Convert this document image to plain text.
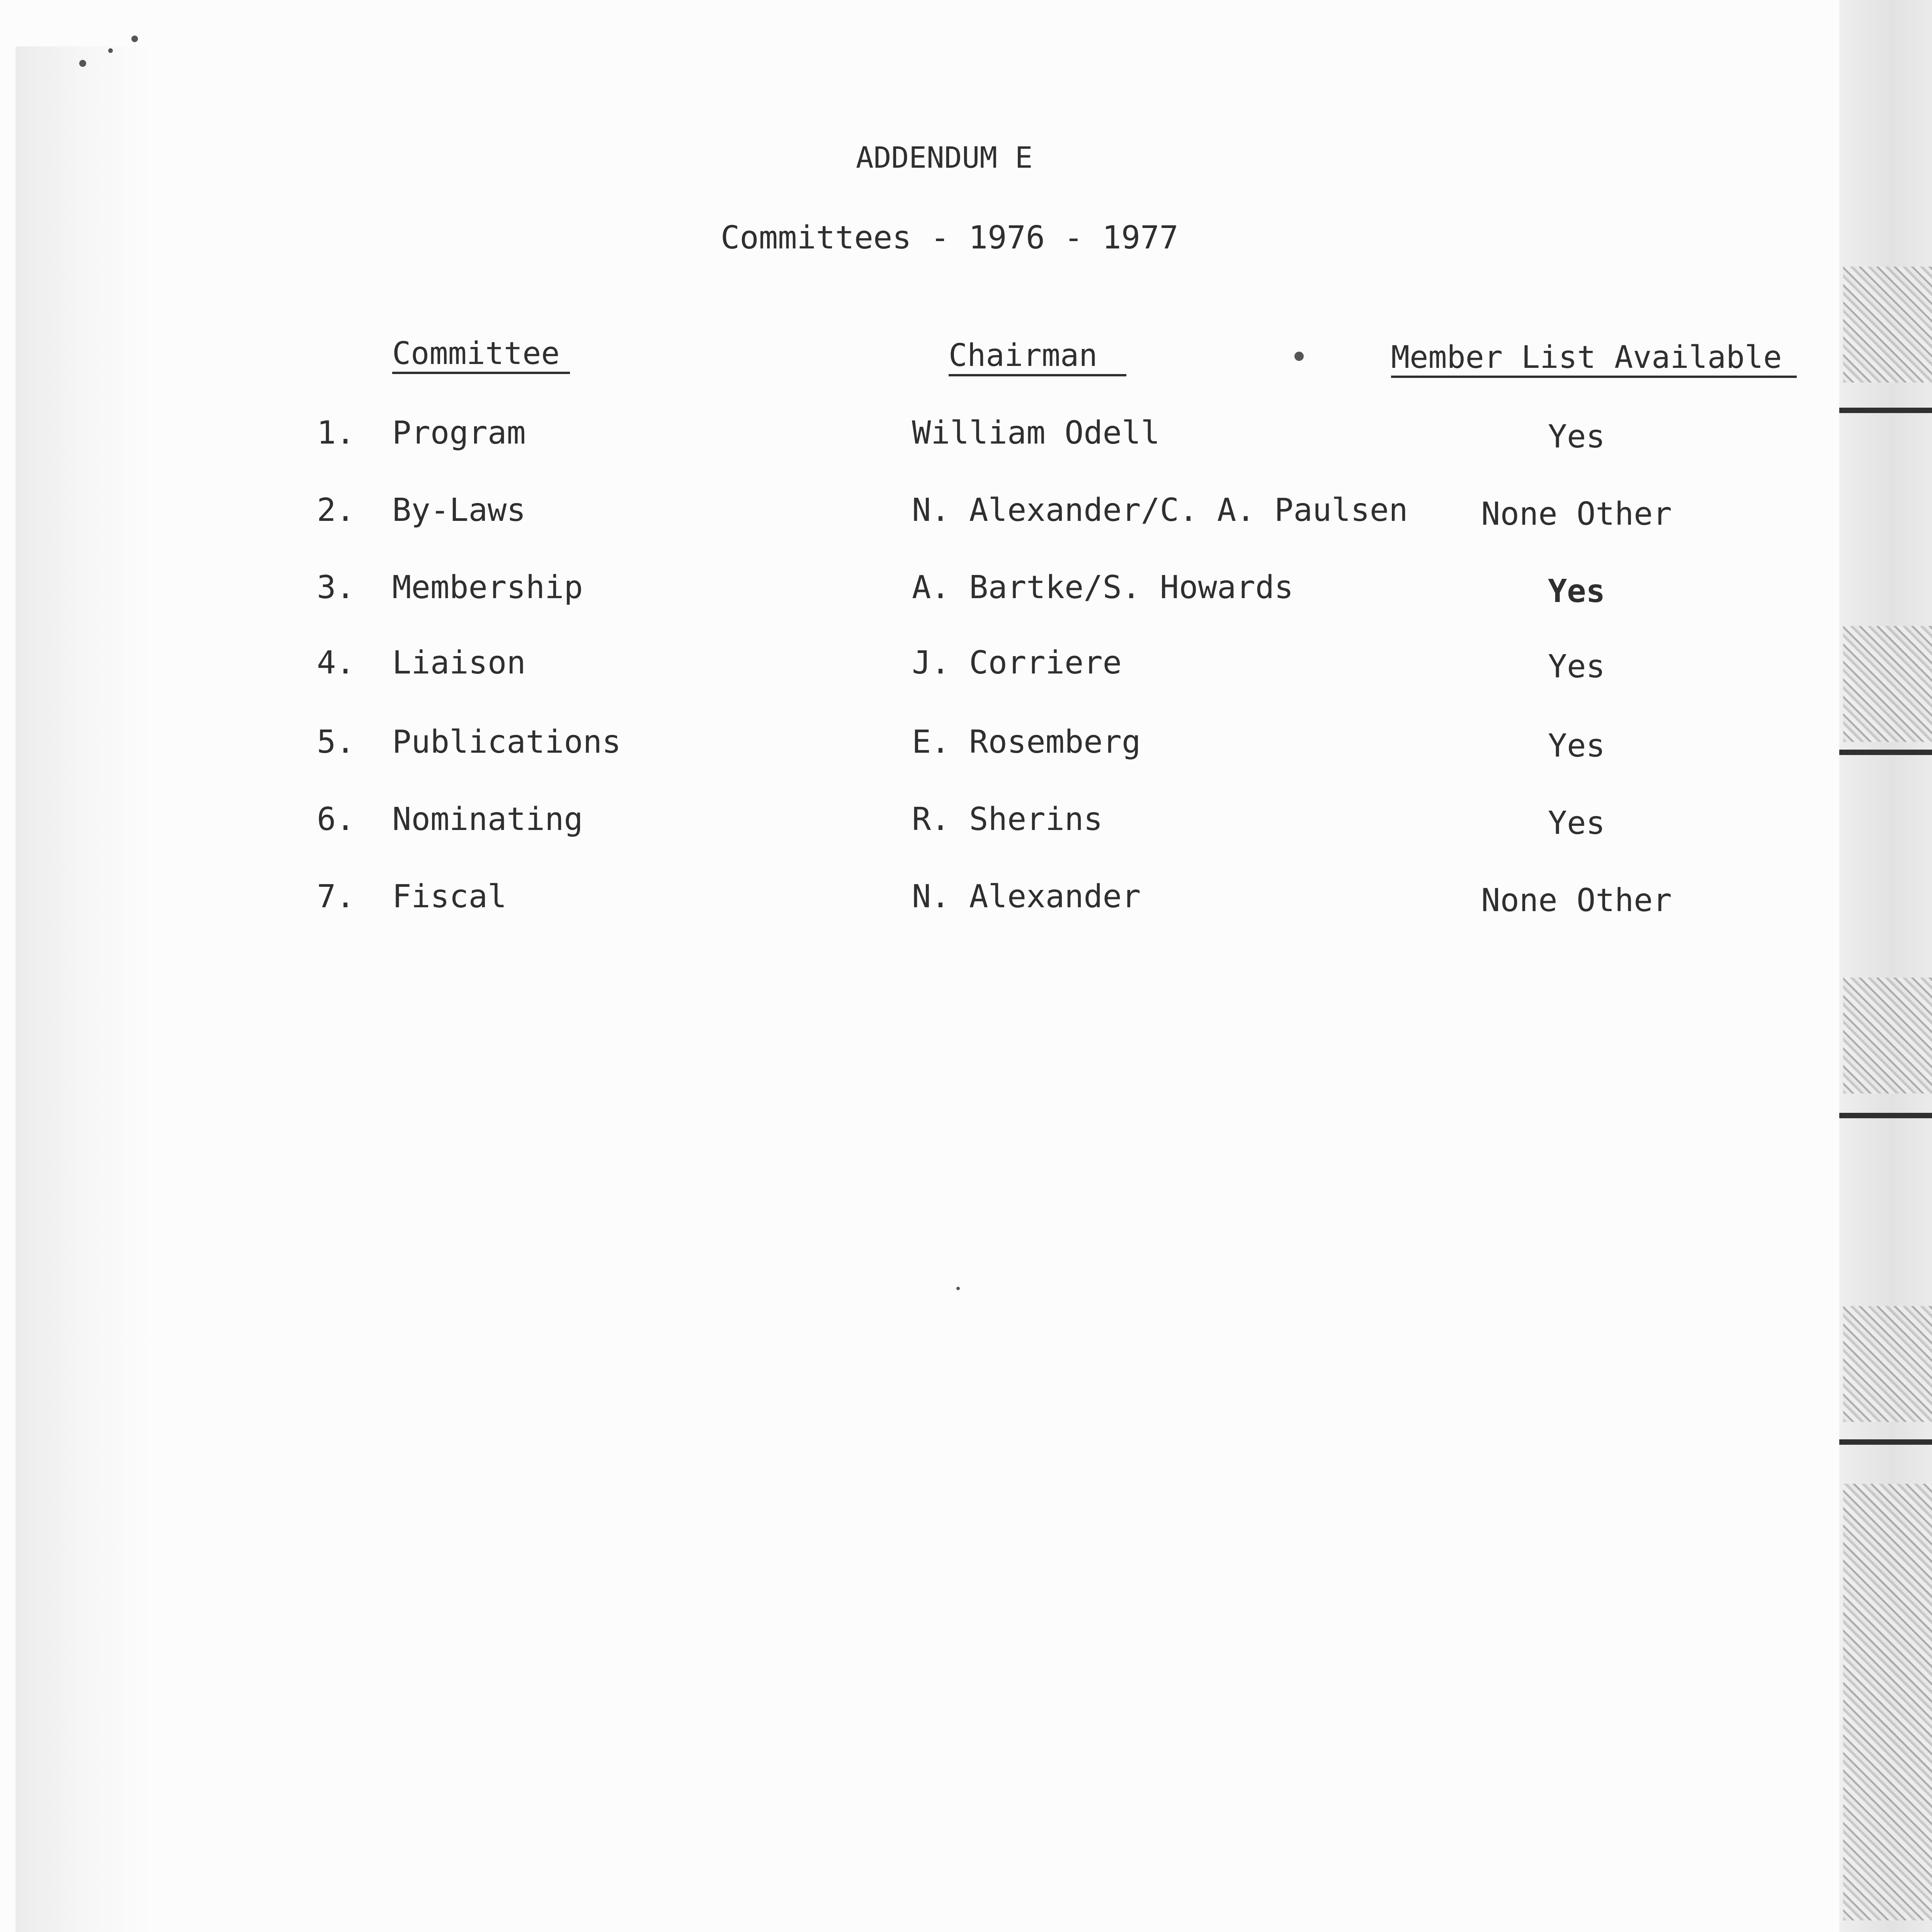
ADDENDUM E
Committees - 1976 - 1977
Committee	Chairman	Member List Available
1. Program	William Odell	Yes
2. By-Laws	N. Alexander/C. A. Paulsen	None Other
3. Membership	A. Bartke/S. Howards	Yes
4. Liaison	J. Corriere	Yes
5. Publications	E. Rosemberg	Yes
6. Nominating	R. Sherins	Yes
7. Fiscal	N. Alexander	None Other
